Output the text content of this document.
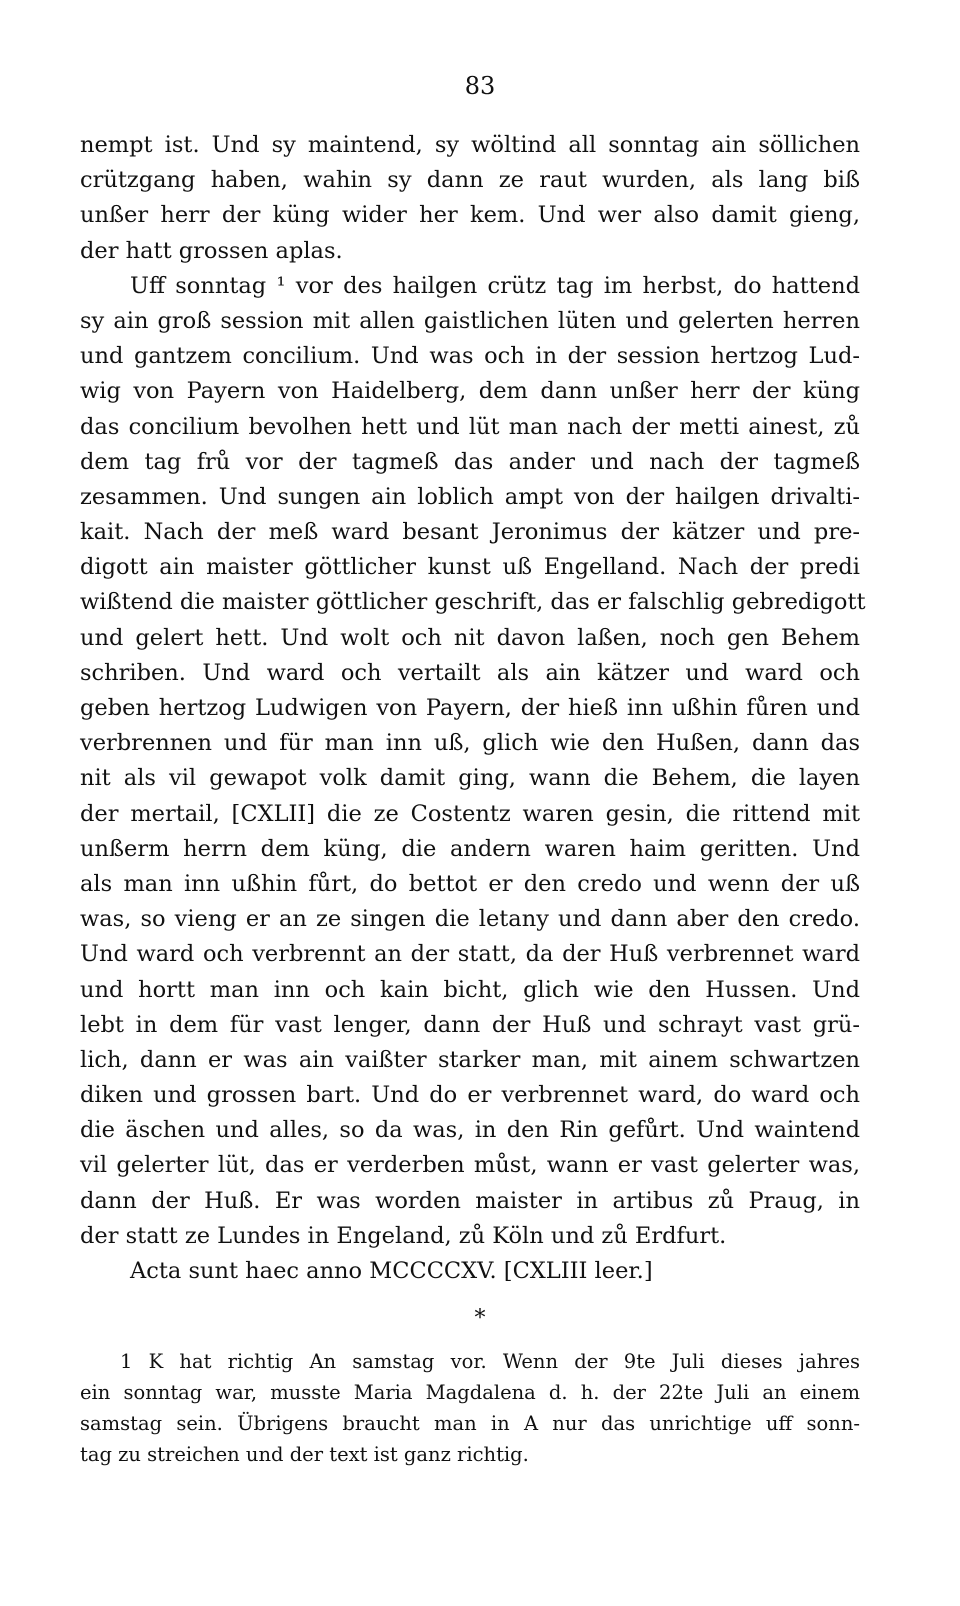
83
nempt ist. Und sy maintend, sy wöltind all sonntag ain söllichen
crützgang haben, wahin sy dann ze raut wurden, als lang biß
unßer herr der küng wider her kem. Und wer also damit gieng,
der hatt grossen aplas.
Uff sonntag ¹ vor des hailgen crütz tag im herbst, do hattend
sy ain groß session mit allen gaistlichen lüten und gelerten herren
und gantzem concilium. Und was och in der session hertzog Lud-
wig von Payern von Haidelberg, dem dann unßer herr der küng
das concilium bevolhen hett und lüt man nach der metti ainest, zů
dem tag frů vor der tagmeß das ander und nach der tagmeß
zesammen. Und sungen ain loblich ampt von der hailgen drivalti-
kait. Nach der meß ward besant Jeronimus der kätzer und pre-
digott ain maister göttlicher kunst uß Engelland. Nach der predi
wißtend die maister göttlicher geschrift, das er falschlig gebredigott
und gelert hett. Und wolt och nit davon laßen, noch gen Behem
schriben. Und ward och vertailt als ain kätzer und ward och
geben hertzog Ludwigen von Payern, der hieß inn ußhin fůren und
verbrennen und für man inn uß, glich wie den Hußen, dann das
nit als vil gewapot volk damit ging, wann die Behem, die layen
der mertail, [CXLII] die ze Costentz waren gesin, die rittend mit
unßerm herrn dem küng, die andern waren haim geritten. Und
als man inn ußhin fůrt, do bettot er den credo und wenn der uß
was, so vieng er an ze singen die letany und dann aber den credo.
Und ward och verbrennt an der statt, da der Huß verbrennet ward
und hortt man inn och kain bicht, glich wie den Hussen. Und
lebt in dem für vast lenger, dann der Huß und schrayt vast grü-
lich, dann er was ain vaißter starker man, mit ainem schwartzen
diken und grossen bart. Und do er verbrennet ward, do ward och
die äschen und alles, so da was, in den Rin gefůrt. Und waintend
vil gelerter lüt, das er verderben můst, wann er vast gelerter was,
dann der Huß. Er was worden maister in artibus zů Praug, in
der statt ze Lundes in Engeland, zů Köln und zů Erdfurt.
Acta sunt haec anno MCCCCXV. [CXLIII leer.]
*
1 K hat richtig An samstag vor. Wenn der 9te Juli dieses jahres
ein sonntag war, musste Maria Magdalena d. h. der 22te Juli an einem
samstag sein. Übrigens braucht man in A nur das unrichtige uff sonn-
tag zu streichen und der text ist ganz richtig.
